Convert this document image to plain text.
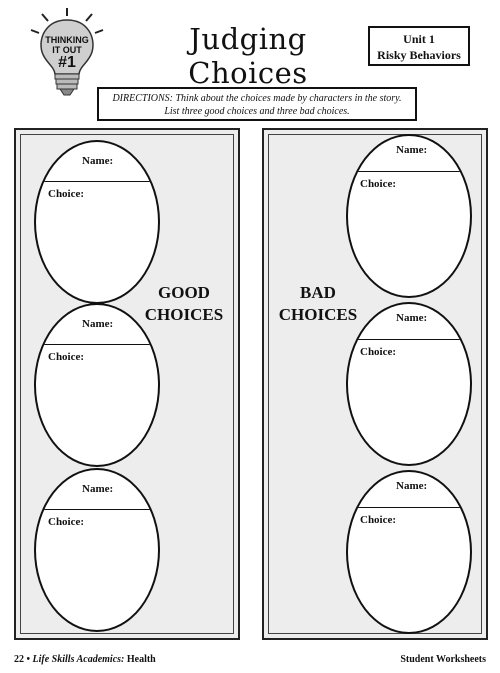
THINKING
IT OUT
#1
Judging Choices
Unit 1
Risky Behaviors
DIRECTIONS: Think about the choices made by characters in the story.
List three good choices and three bad choices.
Name:
Choice:
GOOD
CHOICES
Name:
Choice:
Name:
Choice:
Name:
Choice:
BAD
CHOICES	Name:
Choice:
Name:
Choice:
22 • Life Skills Academics: Health	Student Worksheets
